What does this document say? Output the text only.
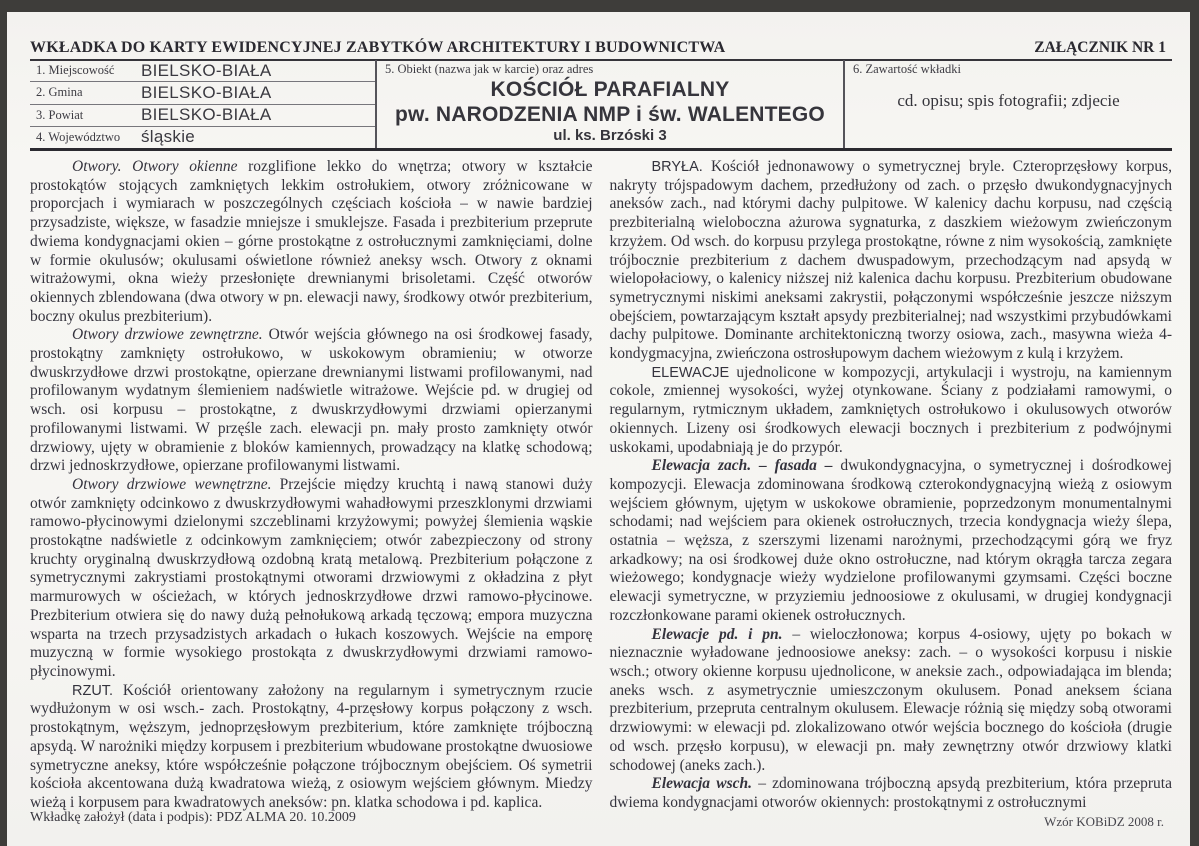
WKŁADKA DO KARTY EWIDENCYJNEJ ZABYTKÓW ARCHITEKTURY I BUDOWNICTWA	ZAŁĄCZNIK NR 1
1. Miejscowość	BIELSKO-BIAŁA
2. Gmina	BIELSKO-BIAŁA
3. Powiat	BIELSKO-BIAŁA
4. Województwo	śląskie
5. Obiekt (nazwa jak w karcie) oraz adres
KOŚCIÓŁ PARAFIALNY
pw. NARODZENIA NMP i św. WALENTEGO
ul. ks. Brzóski 3
6. Zawartość wkładki
cd. opisu; spis fotografii; zdjecie

Otwory. Otwory okienne rozglifione lekko do wnętrza; otwory w kształcie prostokątów stojących zamkniętych lekkim ostrołukiem, otwory zróżnicowane w proporcjach i wymiarach w poszczególnych częściach kościoła – w nawie bardziej przysadziste, większe, w fasadzie mniejsze i smuklejsze. Fasada i prezbiterium przeprute dwiema kondygnacjami okien – górne prostokątne z ostrołucznymi zamknięciami, dolne w formie okulusów; okulusami oświetlone również aneksy wsch. Otwory z oknami witrażowymi, okna wieży przesłonięte drewnianymi brisoletami. Część otworów okiennych zblendowana (dwa otwory w pn. elewacji nawy, środkowy otwór prezbiterium, boczny okulus prezbiterium).

Otwory drzwiowe zewnętrzne. Otwór wejścia głównego na osi środkowej fasady, prostokątny zamknięty ostrołukowo, w uskokowym obramieniu; w otworze dwuskrzydłowe drzwi prostokątne, opierzane drewnianymi listwami profilowanymi, nad profilowanym wydatnym ślemieniem nadświetle witrażowe. Wejście pd. w drugiej od wsch. osi korpusu – prostokątne, z dwuskrzydłowymi drzwiami opierzanymi profilowanymi listwami. W przęśle zach. elewacji pn. mały prosto zamknięty otwór drzwiowy, ujęty w obramienie z bloków kamiennych, prowadzący na klatkę schodową; drzwi jednoskrzydłowe, opierzane profilowanymi listwami.

Otwory drzwiowe wewnętrzne. Przejście między kruchtą i nawą stanowi duży otwór zamknięty odcinkowo z dwuskrzydłowymi wahadłowymi przeszklonymi drzwiami ramowo-płycinowymi dzielonymi szczeblinami krzyżowymi; powyżej ślemienia wąskie prostokątne nadświetle z odcinkowym zamknięciem; otwór zabezpieczony od strony kruchty oryginalną dwuskrzydłową ozdobną kratą metalową. Prezbiterium połączone z symetrycznymi zakrystiami prostokątnymi otworami drzwiowymi z okładzina z płyt marmurowych w ościeżach, w których jednoskrzydłowe drzwi ramowo-płycinowe. Prezbiterium otwiera się do nawy dużą pełnołukową arkadą tęczową; empora muzyczna wsparta na trzech przysadzistych arkadach o łukach koszowych. Wejście na emporę muzyczną w formie wysokiego prostokąta z dwuskrzydłowymi drzwiami ramowo-płycinowymi.

RZUT. Kościół orientowany założony na regularnym i symetrycznym rzucie wydłużonym w osi wsch.- zach. Prostokątny, 4-przęsłowy korpus połączony z wsch. prostokątnym, węższym, jednoprzęsłowym prezbiterium, które zamknięte trójboczną apsydą. W narożniki między korpusem i prezbiterium wbudowane prostokątne dwuosiowe symetryczne aneksy, które współcześnie połączone trójbocznym obejściem. Oś symetrii kościoła akcentowana dużą kwadratowa wieżą, z osiowym wejściem głównym. Miedzy wieżą i korpusem para kwadratowych aneksów: pn. klatka schodowa i pd. kaplica.

BRYŁA. Kościół jednonawowy o symetrycznej bryle. Czteroprzęsłowy korpus, nakryty trójspadowym dachem, przedłużony od zach. o przęsło dwukondygnacyjnych aneksów zach., nad którymi dachy pulpitowe. W kalenicy dachu korpusu, nad częścią prezbiterialną wieloboczna ażurowa sygnaturka, z daszkiem wieżowym zwieńczonym krzyżem. Od wsch. do korpusu przylega prostokątne, równe z nim wysokością, zamknięte trójbocznie prezbiterium z dachem dwuspadowym, przechodzącym nad apsydą w wielopołaciowy, o kalenicy niższej niż kalenica dachu korpusu. Prezbiterium obudowane symetrycznymi niskimi aneksami zakrystii, połączonymi współcześnie jeszcze niższym obejściem, powtarzającym kształt apsydy prezbiterialnej; nad wszystkimi przybudówkami dachy pulpitowe. Dominante architektoniczną tworzy osiowa, zach., masywna wieża 4-kondygmacyjna, zwieńczona ostrosłupowym dachem wieżowym z kulą i krzyżem.

ELEWACJE ujednolicone w kompozycji, artykulacji i wystroju, na kamiennym cokole, zmiennej wysokości, wyżej otynkowane. Ściany z podziałami ramowymi, o regularnym, rytmicznym układem, zamkniętych ostrołukowo i okulusowych otworów okiennych. Lizeny osi środkowych elewacji bocznych i prezbiterium z podwójnymi uskokami, upodabniają je do przypór.

Elewacja zach. – fasada – dwukondygnacyjna, o symetrycznej i dośrodkowej kompozycji. Elewacja zdominowana środkową czterokondygnacyjną wieżą z osiowym wejściem głównym, ujętym w uskokowe obramienie, poprzedzonym monumentalnymi schodami; nad wejściem para okienek ostrołucznych, trzecia kondygnacja wieży ślepa, ostatnia – węższa, z szerszymi lizenami narożnymi, przechodzącymi górą we fryz arkadkowy; na osi środkowej duże okno ostrołuczne, nad którym okrągła tarcza zegara wieżowego; kondygnacje wieży wydzielone profilowanymi gzymsami. Części boczne elewacji symetryczne, w przyziemiu jednoosiowe z okulusami, w drugiej kondygnacji rozczłonkowane parami okienek ostrołucznych.

Elewacje pd. i pn. – wieloczłonowa; korpus 4-osiowy, ujęty po bokach w nieznacznie wyładowane jednoosiowe aneksy: zach. – o wysokości korpusu i niskie wsch.; otwory okienne korpusu ujednolicone, w aneksie zach., odpowiadająca im blenda; aneks wsch. z asymetrycznie umieszczonym okulusem. Ponad aneksem ściana prezbiterium, przepruta centralnym okulusem. Elewacje różnią się między sobą otworami drzwiowymi: w elewacji pd. zlokalizowano otwór wejścia bocznego do kościoła (drugie od wsch. przęsło korpusu), w elewacji pn. mały zewnętrzny otwór drzwiowy klatki schodowej (aneks zach.).

Elewacja wsch. – zdominowana trójboczną apsydą prezbiterium, która przepruta dwiema kondygnacjami otworów okiennych: prostokątnymi z ostrołucznymi

Wkładkę założył (data i podpis): PDZ ALMA 20. 10.2009	Wzór KOBiDZ 2008 r.
